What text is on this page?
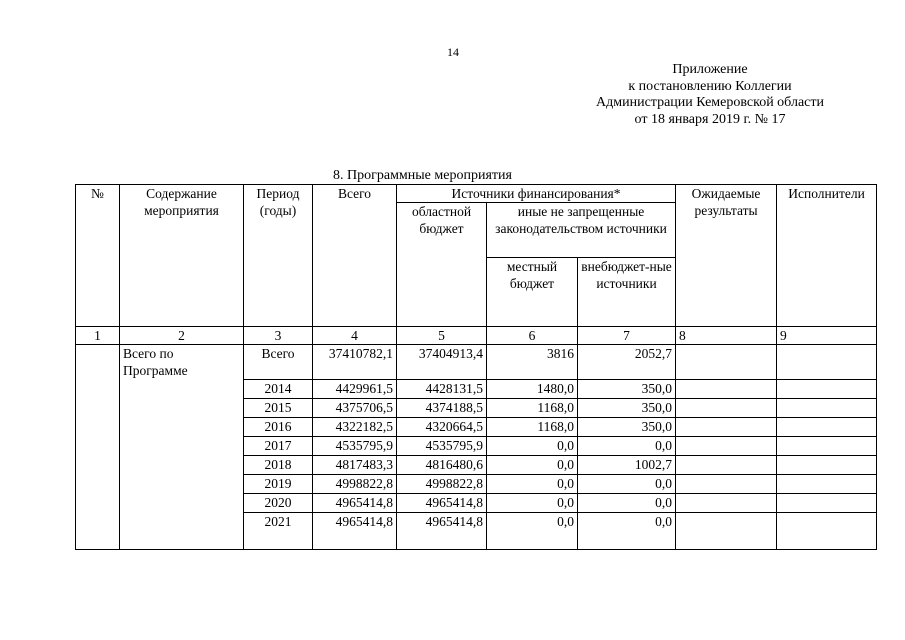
14
Приложение
к постановлению Коллегии
Администрации Кемеровской области
от 18 января 2019 г. № 17
8. Программные мероприятия
№	Содержание мероприятия	Период (годы)	Всего	Источники финансирования*			Ожидаемые результаты	Исполнители
				областной бюджет	иные не запрещенные законодательством источники			
					местный бюджет	внебюджет-ные источники		
1	2	3	4	5	6	7	8	9
	Всего по Программе	Всего	37410782,1	37404913,4	3816	2052,7		
		2014	4429961,5	4428131,5	1480,0	350,0		
		2015	4375706,5	4374188,5	1168,0	350,0		
		2016	4322182,5	4320664,5	1168,0	350,0		
		2017	4535795,9	4535795,9	0,0	0,0		
		2018	4817483,3	4816480,6	0,0	1002,7		
		2019	4998822,8	4998822,8	0,0	0,0		
		2020	4965414,8	4965414,8	0,0	0,0		
		2021	4965414,8	4965414,8	0,0	0,0		
